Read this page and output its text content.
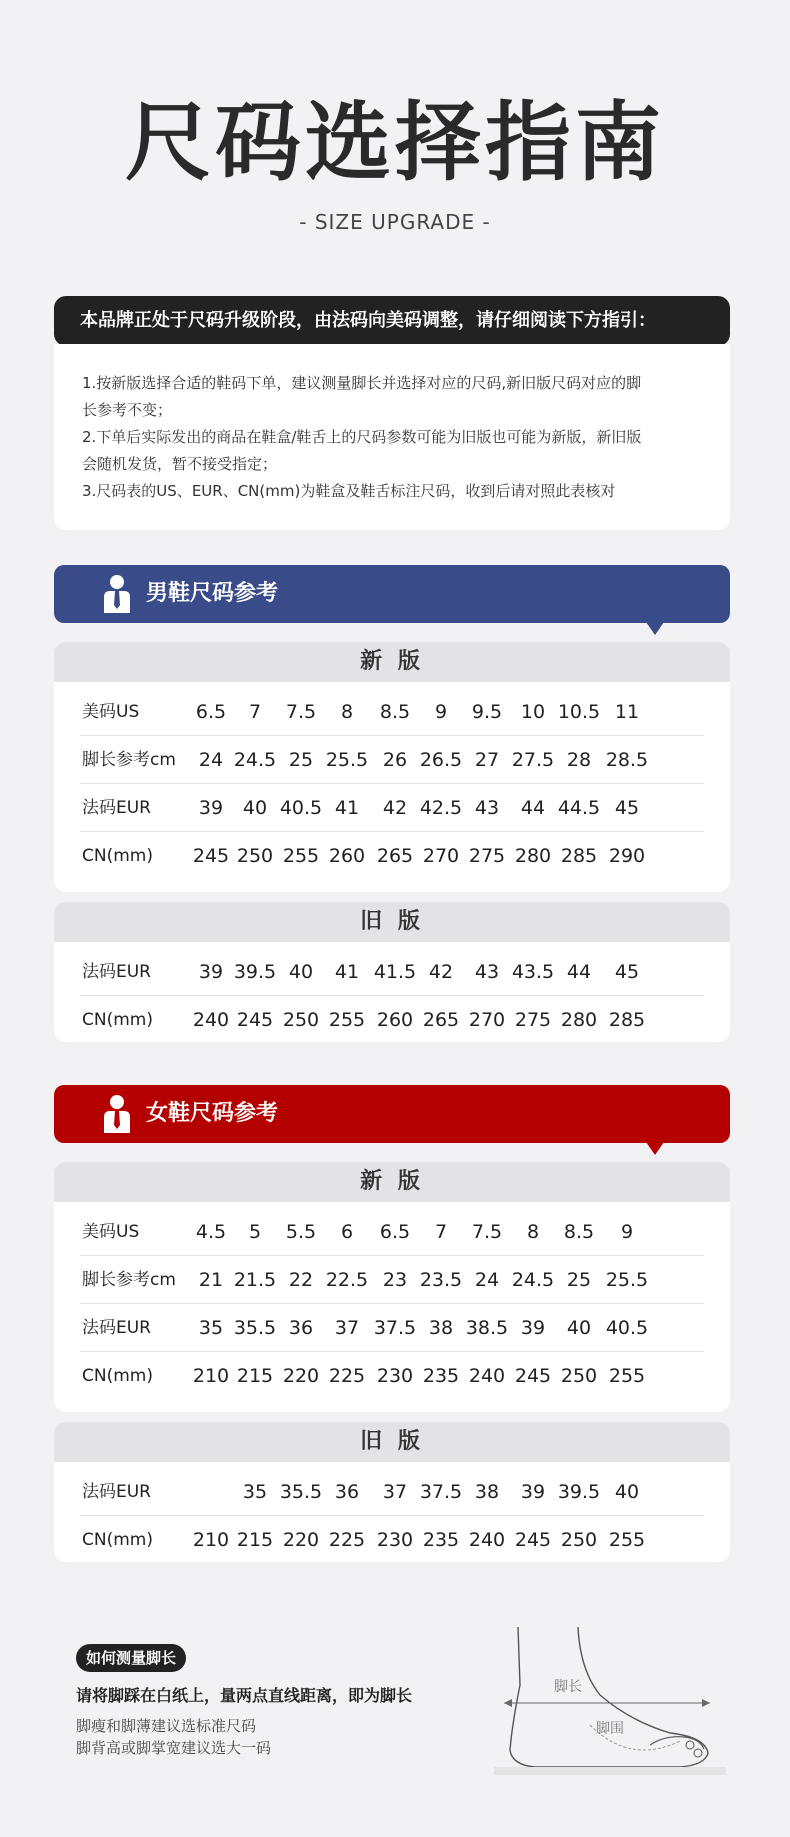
尺码选择指南
- SIZE UPGRADE -
本品牌正处于尺码升级阶段，由法码向美码调整，请仔细阅读下方指引：
1.按新版选择合适的鞋码下单，建议测量脚长并选择对应的尺码,新旧版尺码对应的脚
长参考不变；
2.下单后实际发出的商品在鞋盒/鞋舌上的尺码参数可能为旧版也可能为新版，新旧版
会随机发货，暂不接受指定；
3.尺码表的US、EUR、CN(mm)为鞋盒及鞋舌标注尺码，收到后请对照此表核对
男鞋尺码参考
新 版
美码US	6.5	7	7.5	8	8.5	9	9.5 10 10.5 11
脚长参考cm	24 24.5 25 25.5 26 26.5 27 27.5 28 28.5
法码EUR	39	40 40.5 41	42 42.5 43	44 44.5 45
CN(mm)	245 250 255 260 265 270 275 280 285 290
旧 版
法码EUR	39 39.5 40	41 41.5 42	43 43.5 44	45
CN(mm)	240 245 250 255 260 265 270 275 280 285
女鞋尺码参考
新 版
美码US	4.5	5	5.5	6	6.5	7	7.5	8	8.5	9
脚长参考cm	21 21.5 22 22.5 23 23.5 24 24.5 25 25.5
法码EUR	35 35.5 36	37 37.5 38 38.5 39	40 40.5
CN(mm)	210 215 220 225 230 235 240 245 250 255
旧 版
法码EUR	35 35.5 36	37 37.5 38	39 39.5 40
CN(mm)	210 215 220 225 230 235 240 245 250 255
如何测量脚长
请将脚踩在白纸上，量两点直线距离，即为脚长
脚瘦和脚薄建议选标准尺码
脚背高或脚掌宽建议选大一码
脚长
脚围
